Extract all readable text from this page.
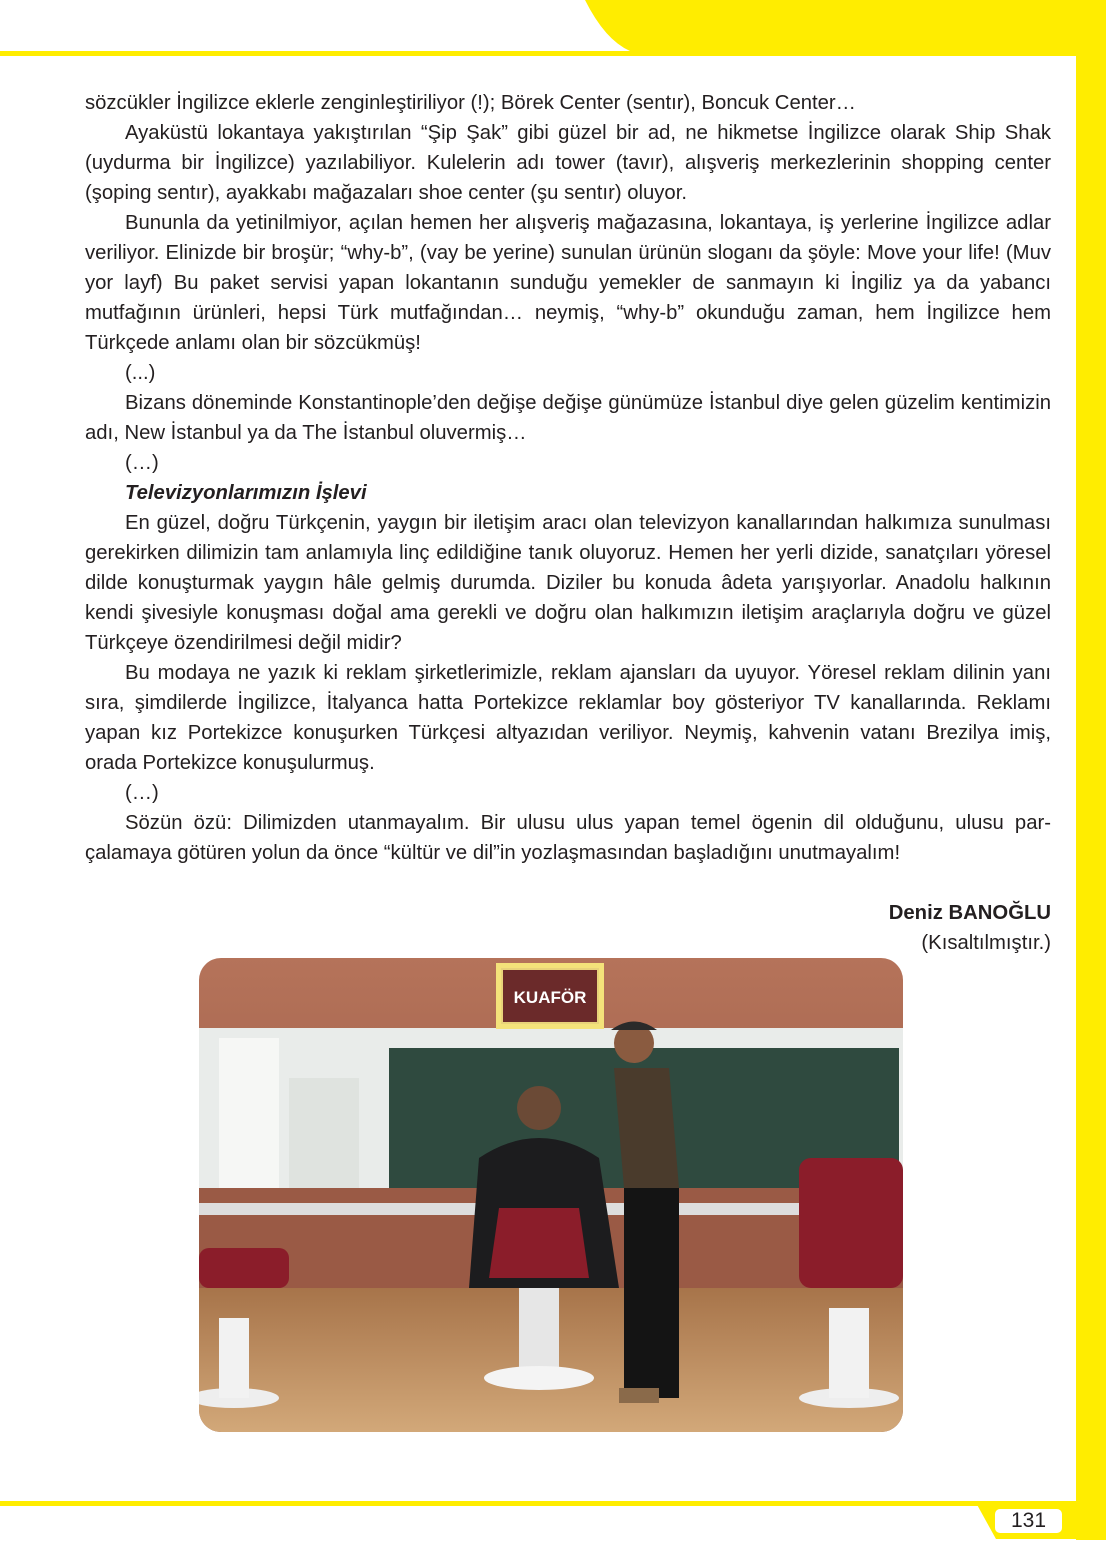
sözcükler İngilizce eklerle zenginleştiriliyor (!); Börek Center (sentır), Boncuk Center…

Ayaküstü lokantaya yakıştırılan “Şip Şak” gibi güzel bir ad, ne hikmetse İngilizce olarak Ship Shak (uydurma bir İngilizce) yazılabiliyor. Kulelerin adı tower (tavır), alışveriş merkezlerinin shopping center (şoping sentır), ayakkabı mağazaları shoe center (şu sentır) oluyor.

Bununla da yetinilmiyor, açılan hemen her alışveriş mağazasına, lokantaya, iş yerlerine İngilizce adlar veriliyor. Elinizde bir broşür; “why-b”, (vay be yerine) sunulan ürünün sloganı da şöyle: Move your life! (Muv yor layf) Bu paket servisi yapan lokantanın sunduğu yemekler de sanmayın ki İngiliz ya da yabancı mutfağının ürünleri, hepsi Türk mutfağından… neymiş, “why-b” okunduğu zaman, hem İngilizce hem Türkçede anlamı olan bir sözcükmüş!

(...)

Bizans döneminde Konstantinople’den değişe değişe günümüze İstanbul diye gelen güzelim kentimizin adı, New İstanbul ya da The İstanbul oluvermiş…

(…)

Televizyonlarımızın İşlevi

En güzel, doğru Türkçenin, yaygın bir iletişim aracı olan televizyon kanallarından halkımıza sunulması gerekirken dilimizin tam anlamıyla linç edildiğine tanık oluyoruz. Hemen her yerli dizide, sanatçıları yöresel dilde konuşturmak yaygın hâle gelmiş durumda. Diziler bu konuda âdeta yarışıyorlar. Anadolu halkının kendi şivesiyle konuşması doğal ama gerekli ve doğru olan halkımızın iletişim araçlarıyla doğru ve güzel Türkçeye özendirilmesi değil midir?

Bu modaya ne yazık ki reklam şirketlerimizle, reklam ajansları da uyuyor. Yöresel reklam dilinin yanı sıra, şimdilerde İngilizce, İtalyanca hatta Portekizce reklamlar boy gösteriyor TV kanallarında. Reklamı yapan kız Portekizce konuşurken Türkçesi altyazıdan veriliyor. Neymiş, kahvenin vatanı Brezilya imiş, orada Portekizce konuşulurmuş.

(…)

Sözün özü: Dilimizden utanmayalım. Bir ulusu ulus yapan temel ögenin dil olduğunu, ulusu parçalamaya götüren yolun da önce “kültür ve dil”in yozlaşmasından başladığını unutmayalım!

Deniz BANOĞLU
(Kısaltılmıştır.)
KUAFÖR
131
